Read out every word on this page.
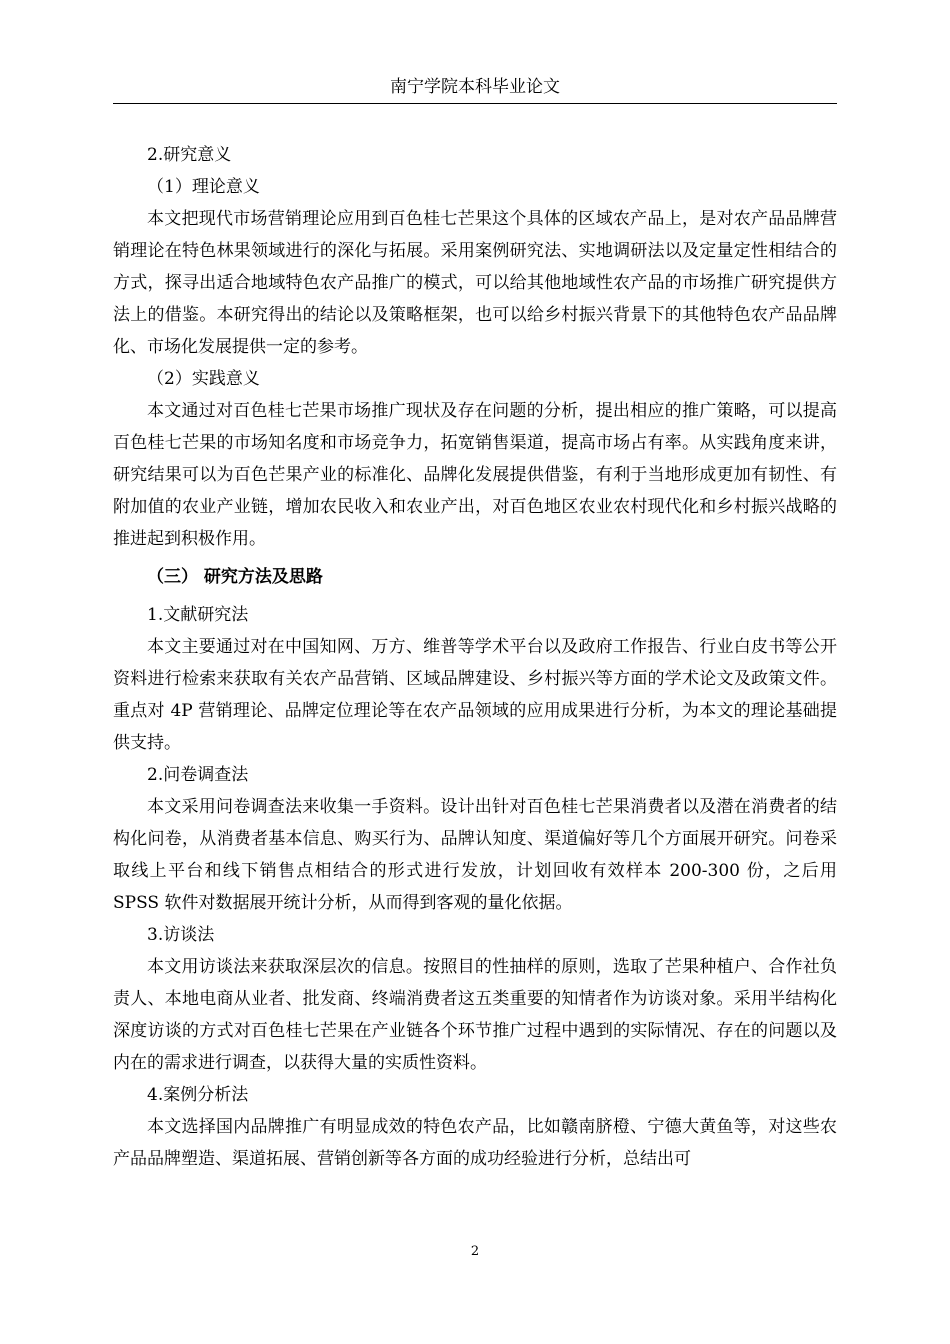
南宁学院本科毕业论文

2.研究意义

（1）理论意义

本文把现代市场营销理论应用到百色桂七芒果这个具体的区域农产品上，是对农产品品牌营销理论在特色林果领域进行的深化与拓展。采用案例研究法、实地调研法以及定量定性相结合的方式，探寻出适合地域特色农产品推广的模式，可以给其他地域性农产品的市场推广研究提供方法上的借鉴。本研究得出的结论以及策略框架，也可以给乡村振兴背景下的其他特色农产品品牌化、市场化发展提供一定的参考。

（2）实践意义

本文通过对百色桂七芒果市场推广现状及存在问题的分析，提出相应的推广策略，可以提高百色桂七芒果的市场知名度和市场竞争力，拓宽销售渠道，提高市场占有率。从实践角度来讲，研究结果可以为百色芒果产业的标准化、品牌化发展提供借鉴，有利于当地形成更加有韧性、有附加值的农业产业链，增加农民收入和农业产出，对百色地区农业农村现代化和乡村振兴战略的推进起到积极作用。

（三） 研究方法及思路

1.文献研究法

本文主要通过对在中国知网、万方、维普等学术平台以及政府工作报告、行业白皮书等公开资料进行检索来获取有关农产品营销、区域品牌建设、乡村振兴等方面的学术论文及政策文件。重点对 4P 营销理论、品牌定位理论等在农产品领域的应用成果进行分析，为本文的理论基础提供支持。

2.问卷调查法

本文采用问卷调查法来收集一手资料。设计出针对百色桂七芒果消费者以及潜在消费者的结构化问卷，从消费者基本信息、购买行为、品牌认知度、渠道偏好等几个方面展开研究。问卷采取线上平台和线下销售点相结合的形式进行发放，计划回收有效样本 200-300 份，之后用 SPSS 软件对数据展开统计分析，从而得到客观的量化依据。

3.访谈法

本文用访谈法来获取深层次的信息。按照目的性抽样的原则，选取了芒果种植户、合作社负责人、本地电商从业者、批发商、终端消费者这五类重要的知情者作为访谈对象。采用半结构化深度访谈的方式对百色桂七芒果在产业链各个环节推广过程中遇到的实际情况、存在的问题以及内在的需求进行调查，以获得大量的实质性资料。

4.案例分析法

本文选择国内品牌推广有明显成效的特色农产品，比如赣南脐橙、宁德大黄鱼等，对这些农产品品牌塑造、渠道拓展、营销创新等各方面的成功经验进行分析，总结出可

2
